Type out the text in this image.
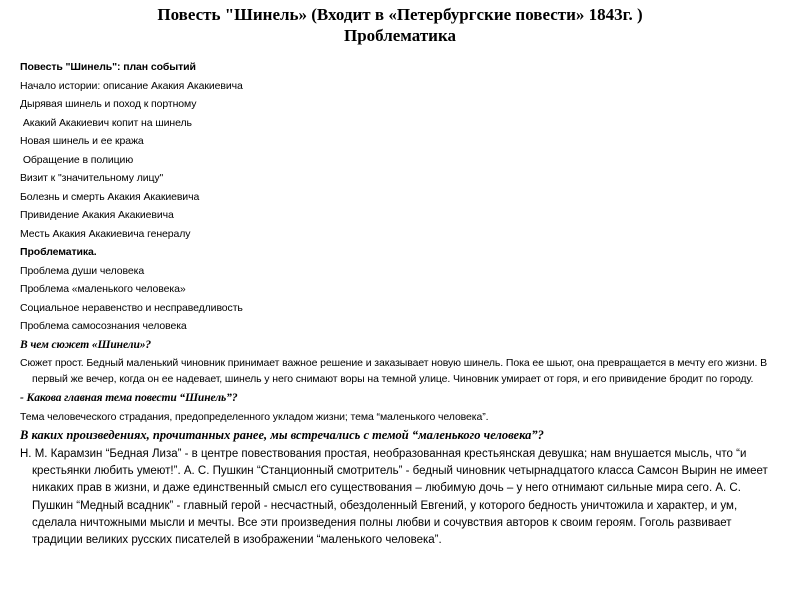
Повесть "Шинель» (Входит в «Петербургские повести» 1843г. )
Проблематика
Повесть "Шинель": план событий
Начало истории: описание Акакия Акакиевича
Дырявая шинель и поход к портному
Акакий Акакиевич копит на шинель
Новая шинель и ее кража
Обращение в полицию
Визит к "значительному лицу"
Болезнь и смерть Акакия Акакиевича
Привидение Акакия Акакиевича
Месть Акакия Акакиевича генералу
Проблематика.
Проблема души человека
Проблема «маленького человека»
Социальное неравенство и несправедливость
Проблема самосознания человека
В чем сюжет «Шинели»?
Сюжет прост. Бедный маленький чиновник принимает важное решение и заказывает новую шинель. Пока ее шьют, она превращается в мечту его жизни. В первый же вечер, когда он ее надевает, шинель у него снимают воры на темной улице. Чиновник умирает от горя, и его привидение бродит по городу.
- Какова главная тема повести “Шинель”?
Тема человеческого страдания, предопределенного укладом жизни; тема “маленького человека”.
В каких произведениях, прочитанных ранее, мы встречались с темой “маленького человека”?
Н. М. Карамзин “Бедная Лиза” - в центре повествования простая, необразованная крестьянская девушка; нам внушается мысль, что “и крестьянки любить умеют!”. А. С. Пушкин “Станционный смотритель” - бедный чиновник четырнадцатого класса Самсон Вырин не имеет никаких прав в жизни, и даже единственный смысл его существования – любимую дочь – у него отнимают сильные мира сего. А. С. Пушкин “Медный всадник” - главный герой - несчастный, обездоленный Евгений, у которого бедность уничтожила и характер, и ум, сделала ничтожными мысли и мечты. Все эти произведения полны любви и сочувствия авторов к своим героям. Гоголь развивает традиции великих русских писателей в изображении “маленького человека”.
